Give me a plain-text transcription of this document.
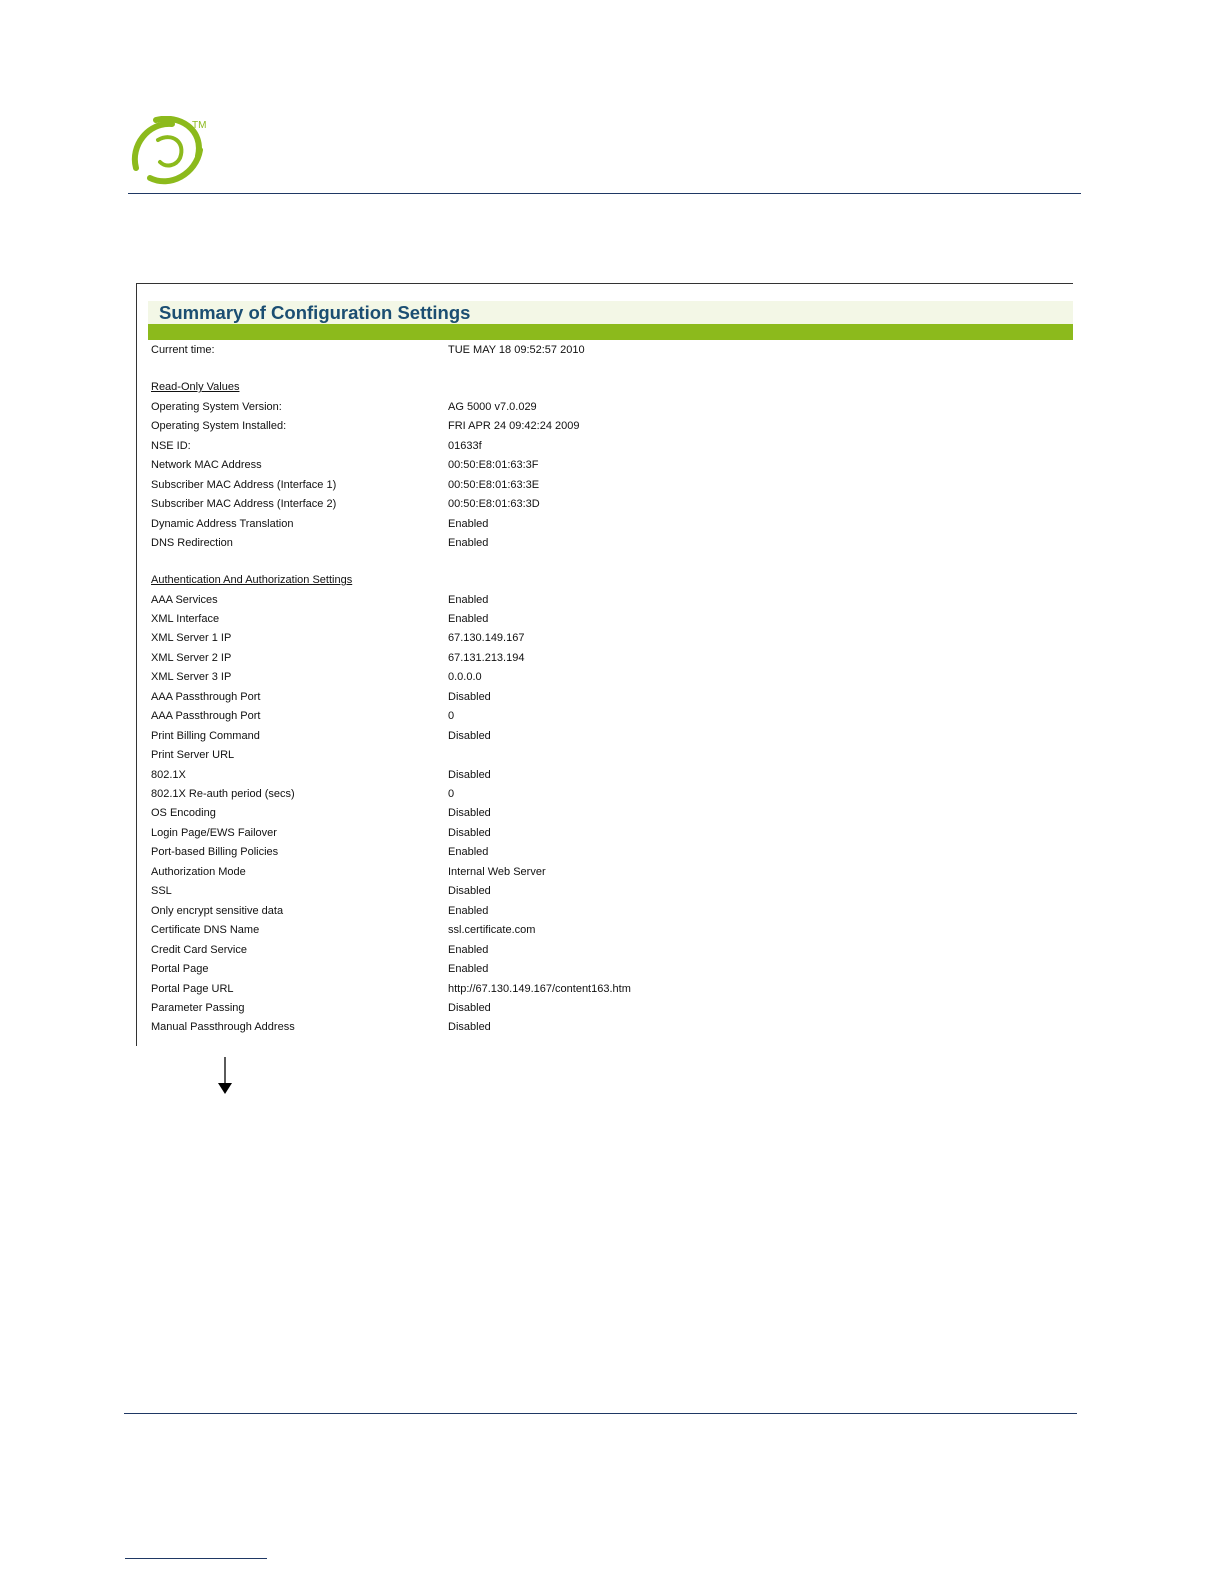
TM
Summary of Configuration Settings
Current time:	TUE MAY 18 09:52:57 2010
Read-Only Values
Operating System Version:	AG 5000 v7.0.029
Operating System Installed:	FRI APR 24 09:42:24 2009
NSE ID:	01633f
Network MAC Address	00:50:E8:01:63:3F
Subscriber MAC Address (Interface 1)	00:50:E8:01:63:3E
Subscriber MAC Address (Interface 2)	00:50:E8:01:63:3D
Dynamic Address Translation	Enabled
DNS Redirection	Enabled
Authentication And Authorization Settings
AAA Services	Enabled
XML Interface	Enabled
XML Server 1 IP	67.130.149.167
XML Server 2 IP	67.131.213.194
XML Server 3 IP	0.0.0.0
AAA Passthrough Port	Disabled
AAA Passthrough Port	0
Print Billing Command	Disabled
Print Server URL
802.1X	Disabled
802.1X Re-auth period (secs)	0
OS Encoding	Disabled
Login Page/EWS Failover	Disabled
Port-based Billing Policies	Enabled
Authorization Mode	Internal Web Server
SSL	Disabled
Only encrypt sensitive data	Enabled
Certificate DNS Name	ssl.certificate.com
Credit Card Service	Enabled
Portal Page	Enabled
Portal Page URL	http://67.130.149.167/content163.htm
Parameter Passing	Disabled
Manual Passthrough Address	Disabled
